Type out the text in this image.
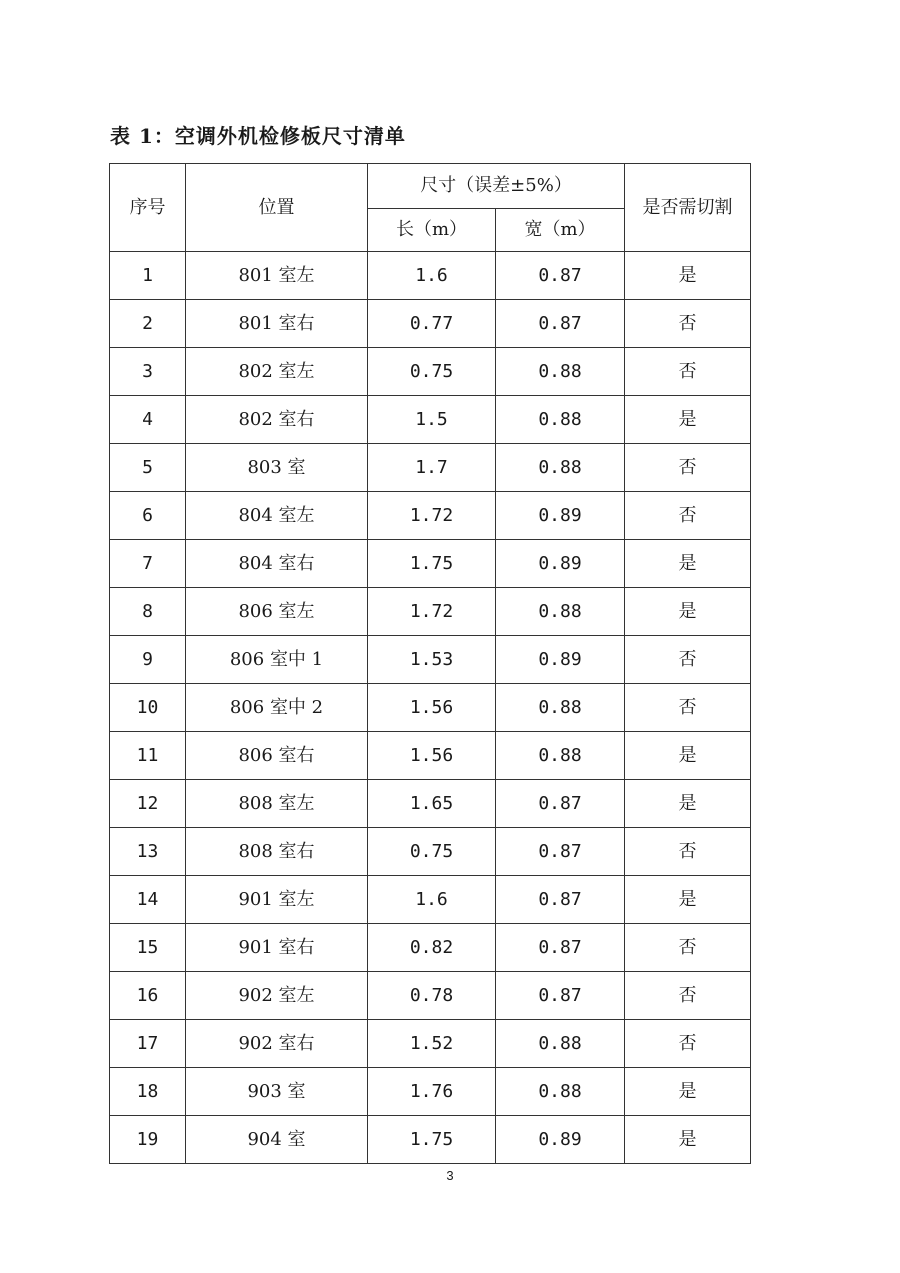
表 1：空调外机检修板尺寸清单
序号	位置	尺寸（误差±5%）		是否需切割
		长（m）	宽（m）	
1	801 室左	1.6	0.87	是
2	801 室右	0.77	0.87	否
3	802 室左	0.75	0.88	否
4	802 室右	1.5	0.88	是
5	803 室	1.7	0.88	否
6	804 室左	1.72	0.89	否
7	804 室右	1.75	0.89	是
8	806 室左	1.72	0.88	是
9	806 室中 1	1.53	0.89	否
10	806 室中 2	1.56	0.88	否
11	806 室右	1.56	0.88	是
12	808 室左	1.65	0.87	是
13	808 室右	0.75	0.87	否
14	901 室左	1.6	0.87	是
15	901 室右	0.82	0.87	否
16	902 室左	0.78	0.87	否
17	902 室右	1.52	0.88	否
18	903 室	1.76	0.88	是
19	904 室	1.75	0.89	是
3
